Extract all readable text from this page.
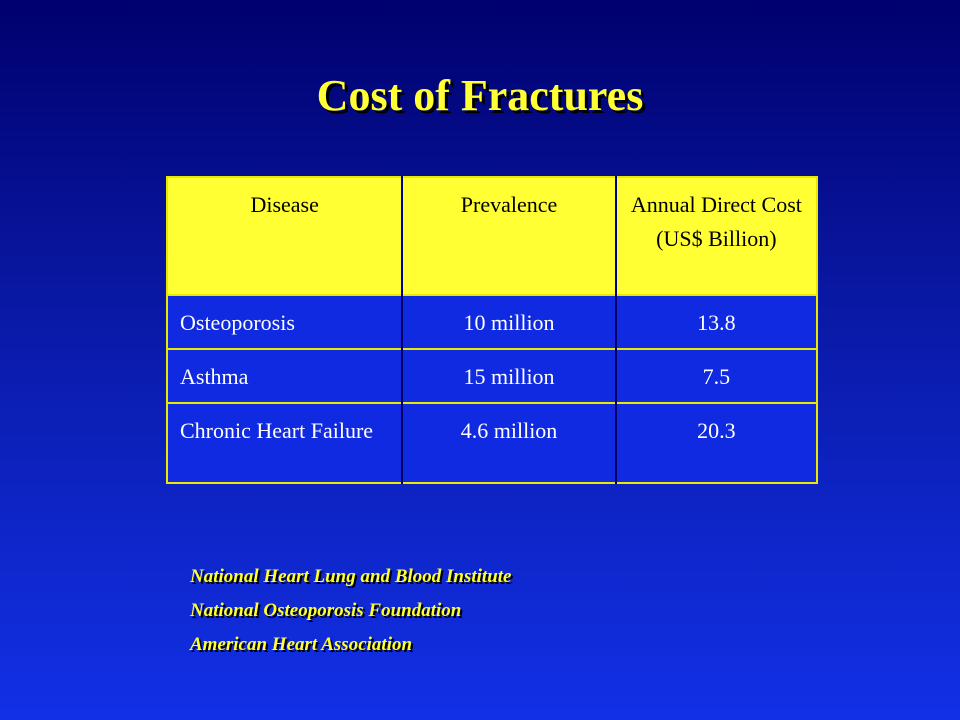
Cost of Fractures
Disease	Prevalence	Annual Direct Cost (US$ Billion)
Osteoporosis	10 million	13.8
Asthma	15 million	7.5
Chronic Heart Failure	4.6 million	20.3
National Heart Lung and Blood Institute
National Osteoporosis Foundation
American Heart Association
